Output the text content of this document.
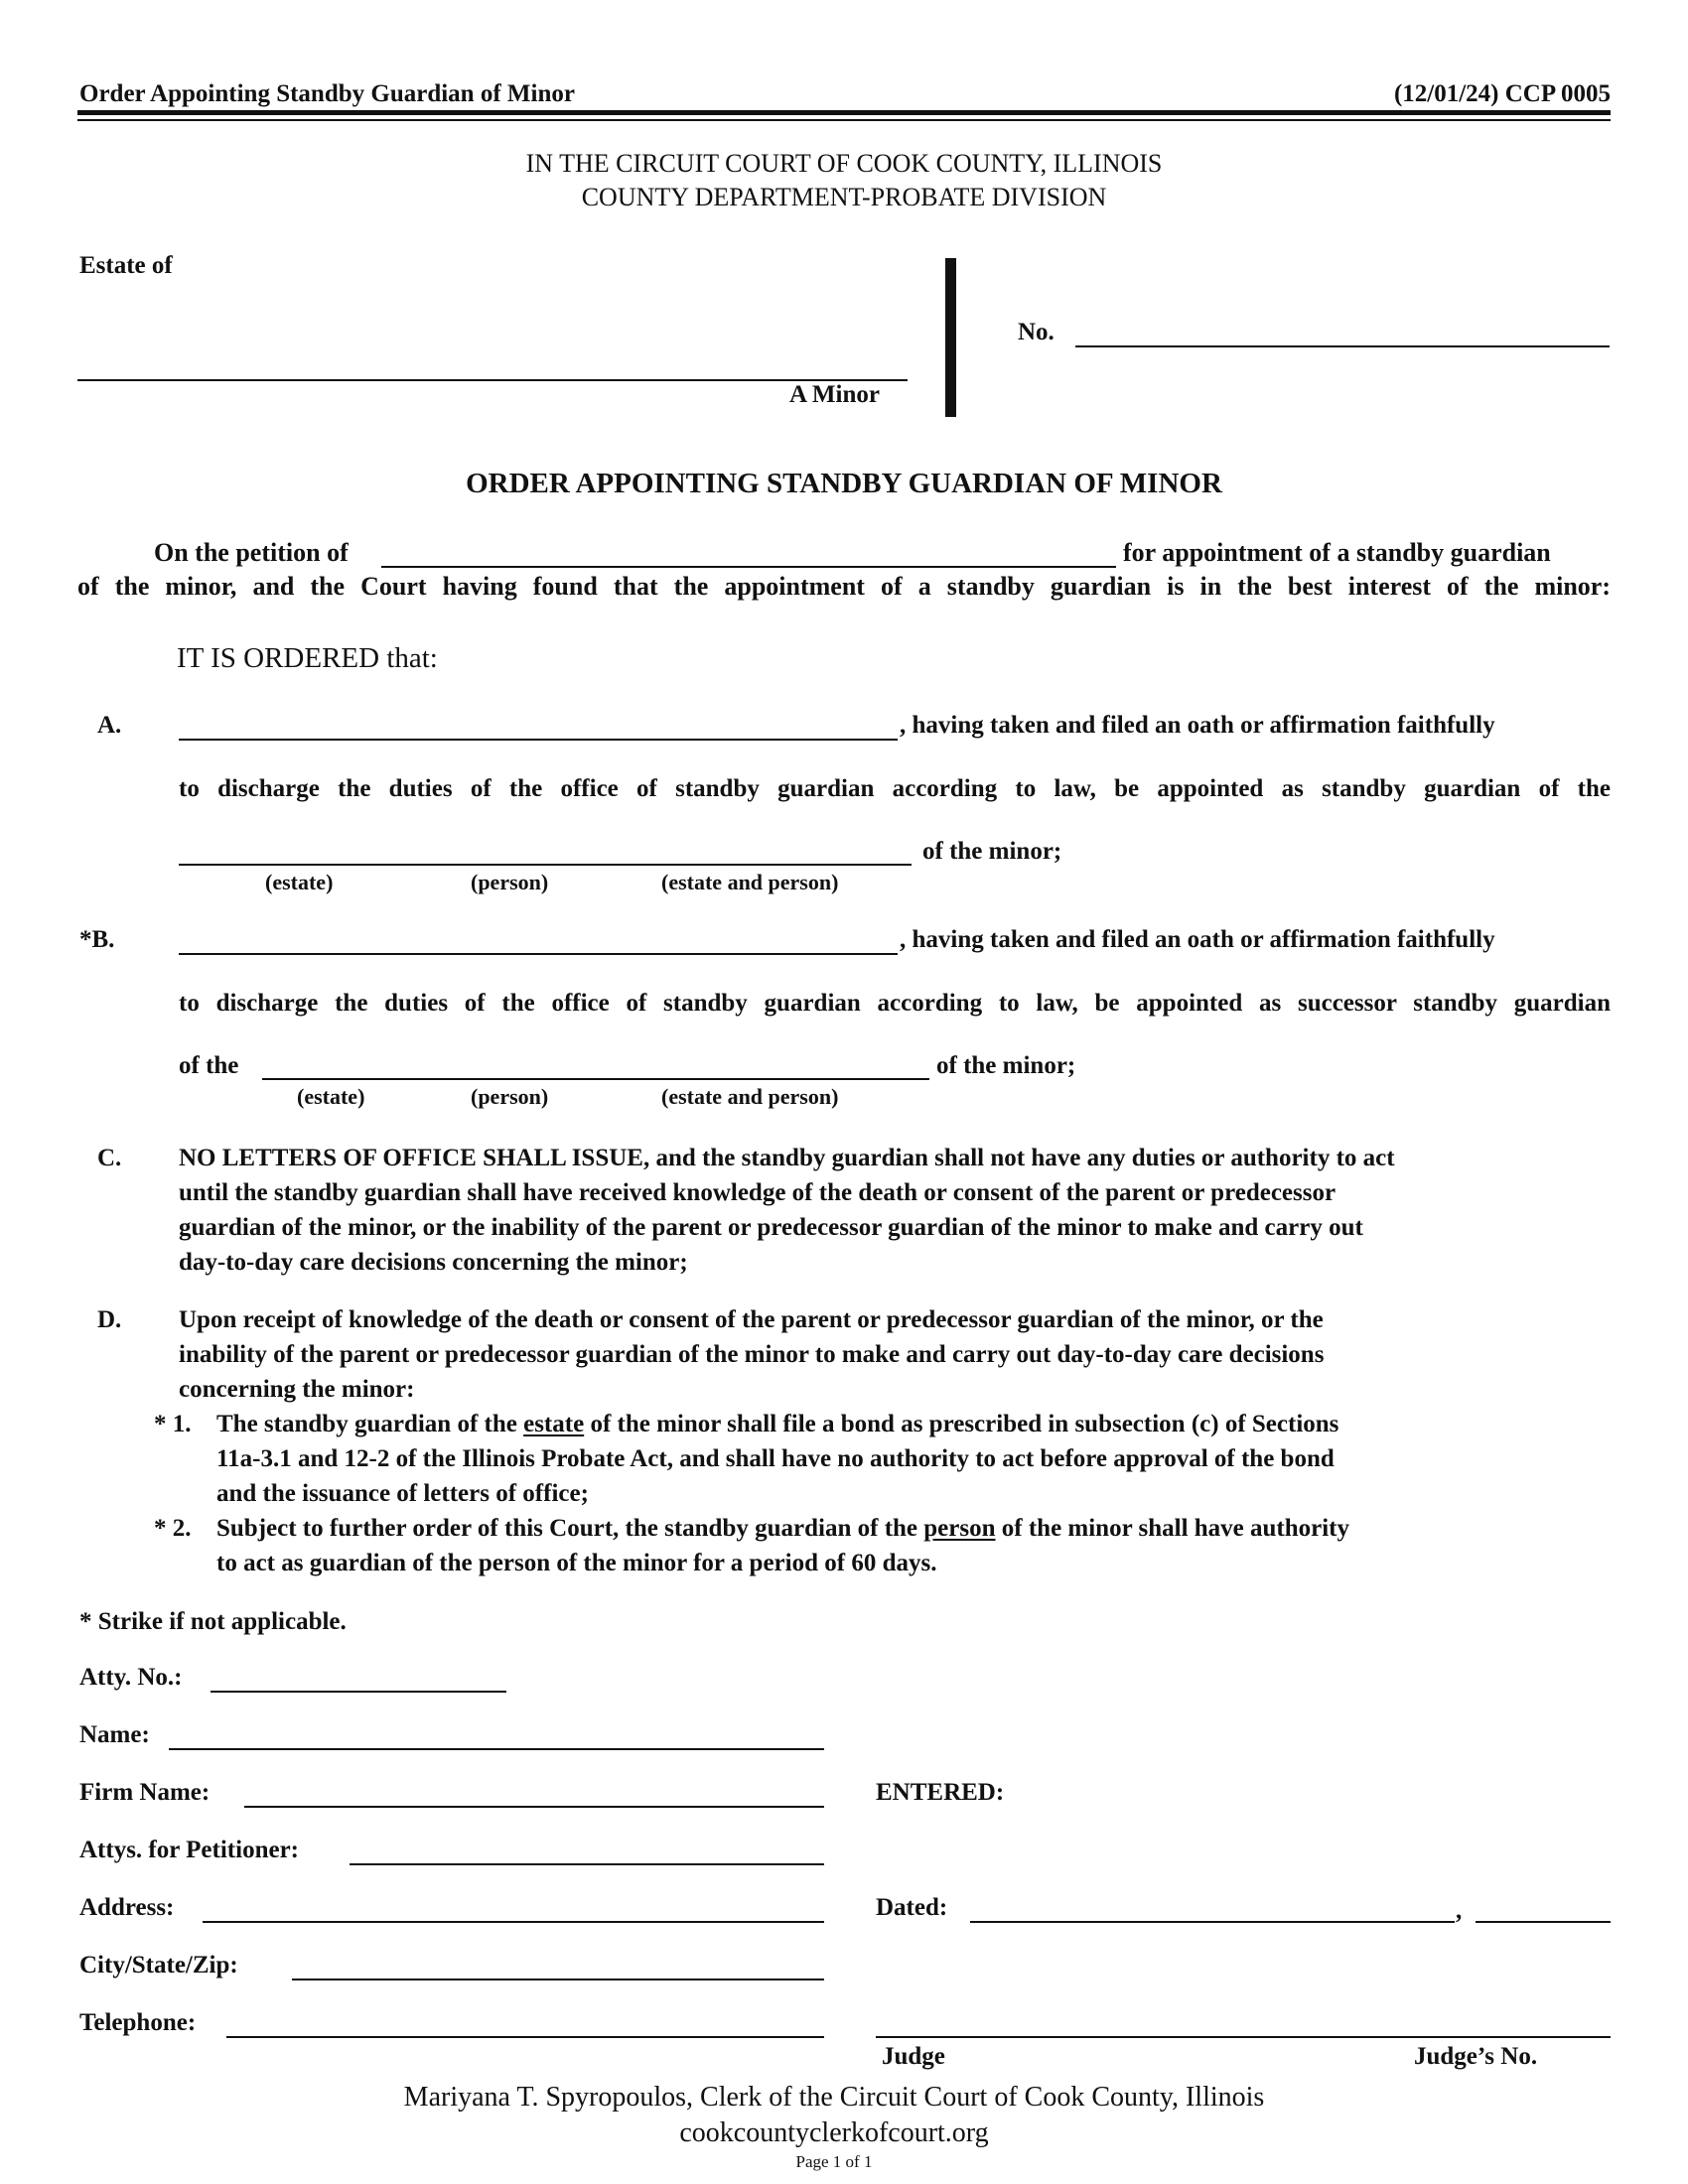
Order Appointing Standby Guardian of Minor	(12/01/24) CCP 0005
IN THE CIRCUIT COURT OF COOK COUNTY, ILLINOIS
COUNTY DEPARTMENT-PROBATE DIVISION
Estate of
A Minor
No.
ORDER APPOINTING STANDBY GUARDIAN OF MINOR
On the petition of	for appointment of a standby guardian
of the minor, and the Court having found that the appointment of a standby guardian is in the best interest of the minor:
IT IS ORDERED that:
A.	, having taken and filed an oath or affirmation faithfully
to discharge the duties of the office of standby guardian according to law, be appointed as standby guardian of the
of the minor;
(estate)	(person)	(estate and person)
*B.	, having taken and filed an oath or affirmation faithfully
to discharge the duties of the office of standby guardian according to law, be appointed as successor standby guardian
of the	of the minor;
(estate)	(person)	(estate and person)
C. NO LETTERS OF OFFICE SHALL ISSUE, and the standby guardian shall not have any duties or authority to act
until the standby guardian shall have received knowledge of the death or consent of the parent or predecessor
guardian of the minor, or the inability of the parent or predecessor guardian of the minor to make and carry out
day-to-day care decisions concerning the minor;
D. Upon receipt of knowledge of the death or consent of the parent or predecessor guardian of the minor, or the
inability of the parent or predecessor guardian of the minor to make and carry out day-to-day care decisions
concerning the minor:
* 1. The standby guardian of the estate of the minor shall file a bond as prescribed in subsection (c) of Sections
11a-3.1 and 12-2 of the Illinois Probate Act, and shall have no authority to act before approval of the bond
and the issuance of letters of office;
* 2. Subject to further order of this Court, the standby guardian of the person of the minor shall have authority
to act as guardian of the person of the minor for a period of 60 days.
* Strike if not applicable.
Atty. No.:
Name:
Firm Name:
Attys. for Petitioner:
Address:
City/State/Zip:
Telephone:
ENTERED:
Dated:	,
Judge	Judge’s No.
Mariyana T. Spyropoulos, Clerk of the Circuit Court of Cook County, Illinois
cookcountyclerkofcourt.org
Page 1 of 1
